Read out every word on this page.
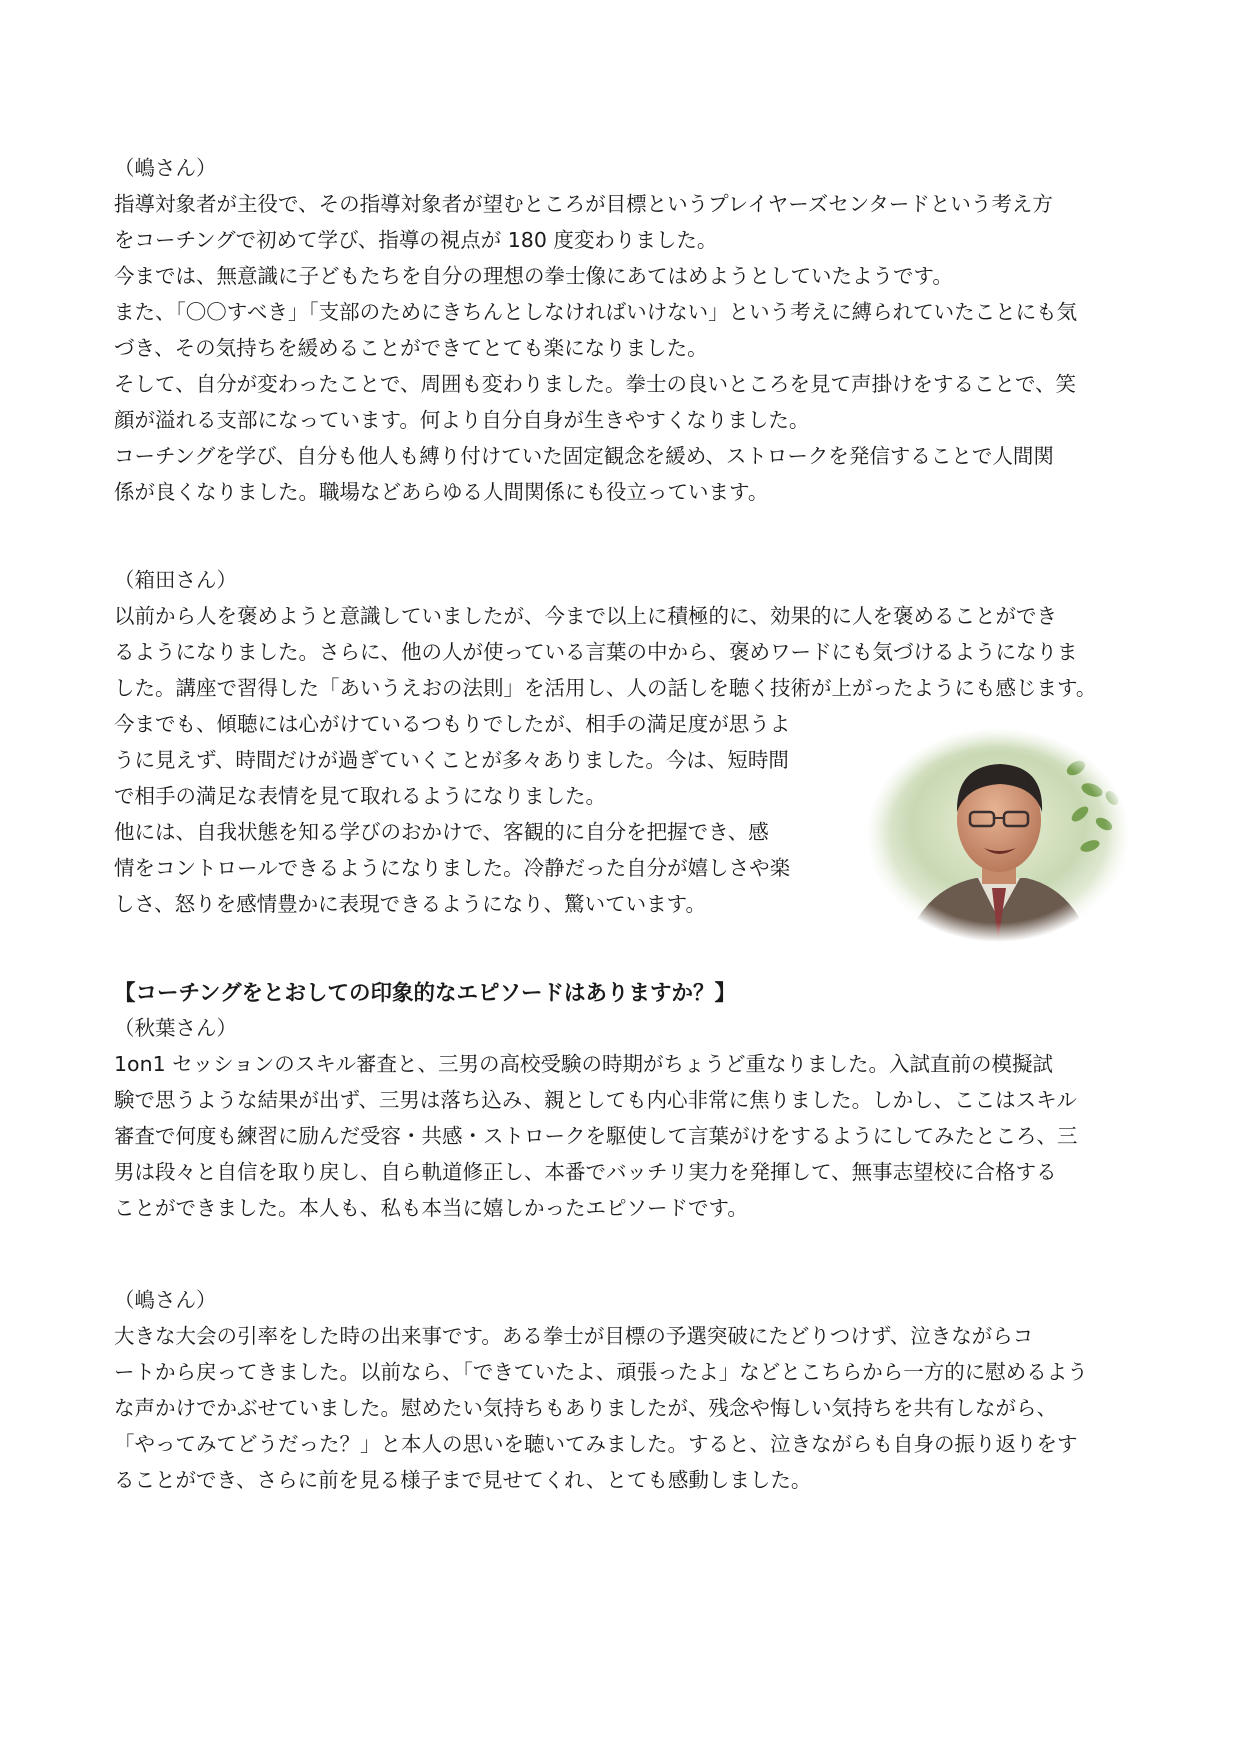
（嶋さん）

指導対象者が主役で、その指導対象者が望むところが目標というプレイヤーズセンタードという考え方

をコーチングで初めて学び、指導の視点が 180 度変わりました。

今までは、無意識に子どもたちを自分の理想の拳士像にあてはめようとしていたようです。

また、「〇〇すべき」「支部のためにきちんとしなければいけない」という考えに縛られていたことにも気

づき、その気持ちを緩めることができてとても楽になりました。

そして、自分が変わったことで、周囲も変わりました。拳士の良いところを見て声掛けをすることで、笑

顔が溢れる支部になっています。何より自分自身が生きやすくなりました。

コーチングを学び、自分も他人も縛り付けていた固定観念を緩め、ストロークを発信することで人間関

係が良くなりました。職場などあらゆる人間関係にも役立っています。

（箱田さん）

以前から人を褒めようと意識していましたが、今まで以上に積極的に、効果的に人を褒めることができ

るようになりました。さらに、他の人が使っている言葉の中から、褒めワードにも気づけるようになりま

した。講座で習得した「あいうえおの法則」を活用し、人の話しを聴く技術が上がったようにも感じます。

今までも、傾聴には心がけているつもりでしたが、相手の満足度が思うよ

うに見えず、時間だけが過ぎていくことが多々ありました。今は、短時間

で相手の満足な表情を見て取れるようになりました。

他には、自我状態を知る学びのおかけで、客観的に自分を把握でき、感

情をコントロールできるようになりました。冷静だった自分が嬉しさや楽

しさ、怒りを感情豊かに表現できるようになり、驚いています。

【コーチングをとおしての印象的なエピソードはありますか？】

（秋葉さん）

1on1 セッションのスキル審査と、三男の高校受験の時期がちょうど重なりました。入試直前の模擬試

験で思うような結果が出ず、三男は落ち込み、親としても内心非常に焦りました。しかし、ここはスキル

審査で何度も練習に励んだ受容・共感・ストロークを駆使して言葉がけをするようにしてみたところ、三

男は段々と自信を取り戻し、自ら軌道修正し、本番でバッチリ実力を発揮して、無事志望校に合格する

ことができました。本人も、私も本当に嬉しかったエピソードです。

（嶋さん）

大きな大会の引率をした時の出来事です。ある拳士が目標の予選突破にたどりつけず、泣きながらコ

ートから戻ってきました。以前なら、「できていたよ、頑張ったよ」などとこちらから一方的に慰めるよう

な声かけでかぶせていました。慰めたい気持ちもありましたが、残念や悔しい気持ちを共有しながら、

「やってみてどうだった？」と本人の思いを聴いてみました。すると、泣きながらも自身の振り返りをす

ることができ、さらに前を見る様子まで見せてくれ、とても感動しました。
